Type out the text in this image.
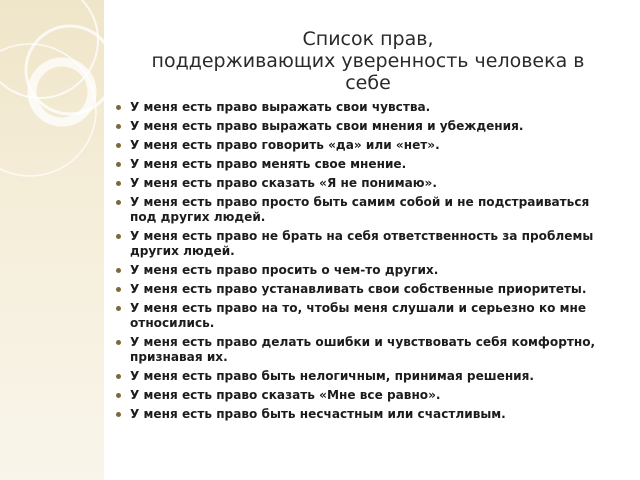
Список прав,
поддерживающих уверенность человека в
себе
У меня есть право выражать свои чувства.
У меня есть право выражать свои мнения и убеждения.
У меня есть право говорить «да» или «нет».
У меня есть право менять свое мнение.
У меня есть право сказать «Я не понимаю».
У меня есть право просто быть самим собой и не подстраиваться под других людей.
У меня есть право не брать на себя ответственность за проблемы других людей.
У меня есть право просить о чем-то других.
У меня есть право устанавливать свои собственные приоритеты.
У меня есть право на то, чтобы меня слушали и серьезно ко мне относились.
У меня есть право делать ошибки и чувствовать себя комфортно, признавая их.
У меня есть право быть нелогичным, принимая решения.
У меня есть право сказать «Мне все равно».
У меня есть право быть несчастным или счастливым.
